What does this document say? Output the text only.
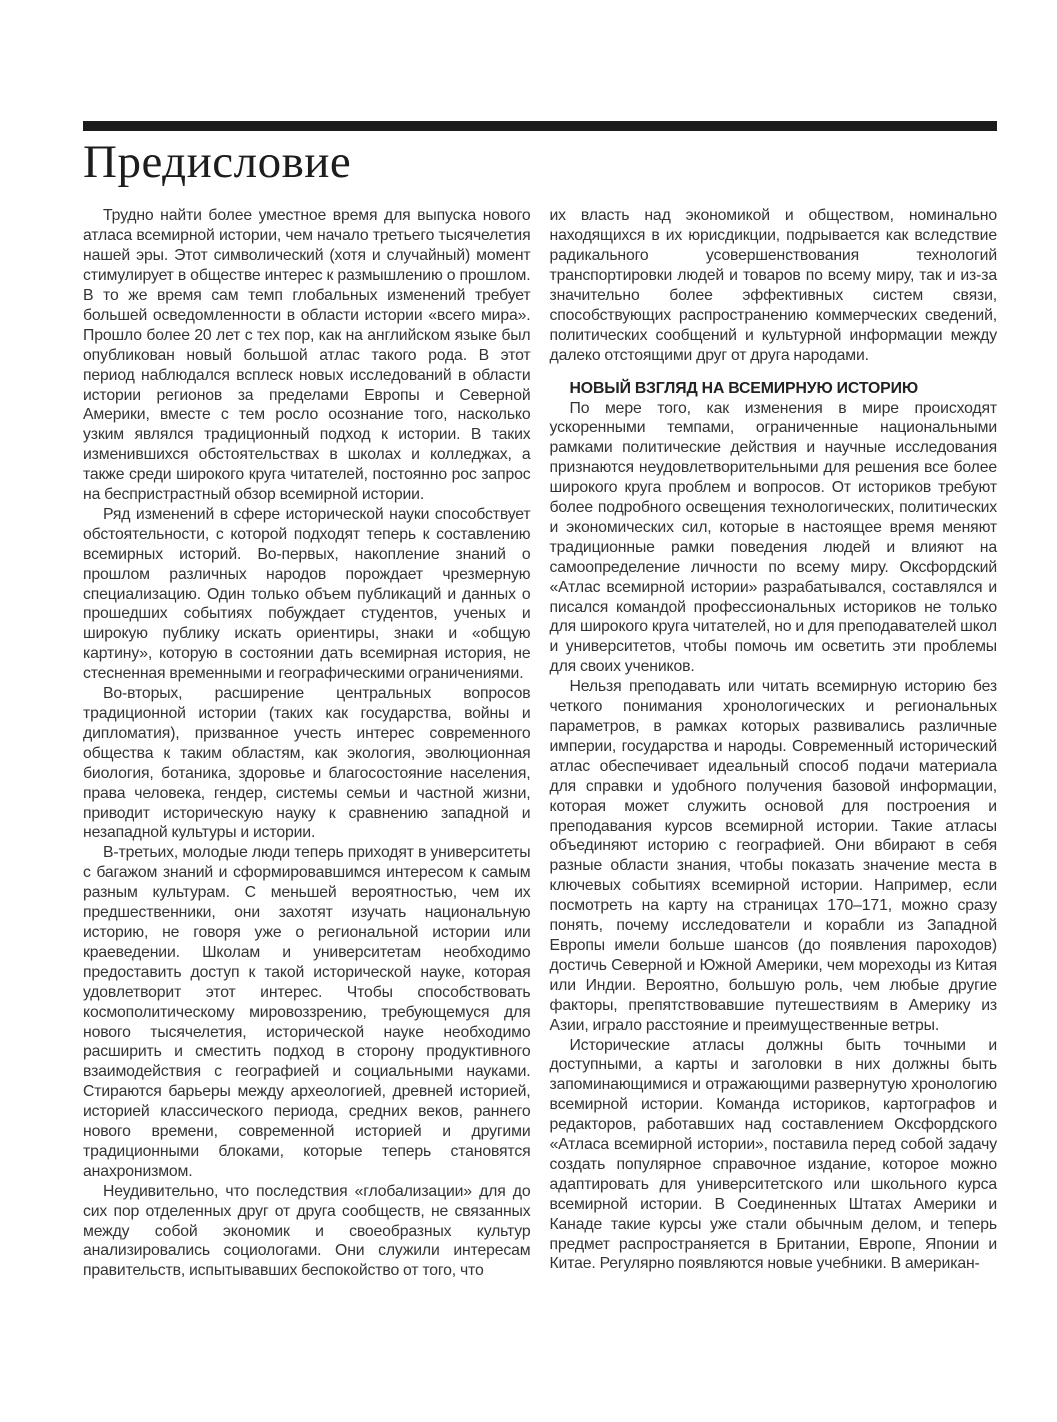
Предисловие

Трудно найти более уместное время для выпуска нового атласа всемирной истории, чем начало третьего тысячелетия нашей эры. Этот символический (хотя и случайный) момент стимулирует в обществе интерес к размышлению о прошлом. В то же время сам темп глобальных изменений требует большей осведомленности в области истории «всего мира». Прошло более 20 лет с тех пор, как на английском языке был опубликован новый большой атлас такого рода. В этот период наблюдался всплеск новых исследований в области истории регионов за пределами Европы и Северной Америки, вместе с тем росло осознание того, насколько узким являлся традиционный подход к истории. В таких изменившихся обстоятельствах в школах и колледжах, а также среди широкого круга читателей, постоянно рос запрос на беспристрастный обзор всемирной истории.

Ряд изменений в сфере исторической науки способствует обстоятельности, с которой подходят теперь к составлению всемирных историй. Во-первых, накопление знаний о прошлом различных народов порождает чрезмерную специализацию. Один только объем публикаций и данных о прошедших событиях побуждает студентов, ученых и широкую публику искать ориентиры, знаки и «общую картину», которую в состоянии дать всемирная история, не стесненная временными и географическими ограничениями.

Во-вторых, расширение центральных вопросов традиционной истории (таких как государства, войны и дипломатия), призванное учесть интерес современного общества к таким областям, как экология, эволюционная биология, ботаника, здоровье и благосостояние населения, права человека, гендер, системы семьи и частной жизни, приводит историческую науку к сравнению западной и незападной культуры и истории.

В-третьих, молодые люди теперь приходят в университеты с багажом знаний и сформировавшимся интересом к самым разным культурам. С меньшей вероятностью, чем их предшественники, они захотят изучать национальную историю, не говоря уже о региональной истории или краеведении. Школам и университетам необходимо предоставить доступ к такой исторической науке, которая удовлетворит этот интерес. Чтобы способствовать космополитическому мировоззрению, требующемуся для нового тысячелетия, исторической науке необходимо расширить и сместить подход в сторону продуктивного взаимодействия с географией и социальными науками. Стираются барьеры между археологией, древней историей, историей классического периода, средних веков, раннего нового времени, современной историей и другими традиционными блоками, которые теперь становятся анахронизмом.

Неудивительно, что последствия «глобализации» для до сих пор отделенных друг от друга сообществ, не связанных между собой экономик и своеобразных культур анализировались социологами. Они служили интересам правительств, испытывавших беспокойство от того, что

их власть над экономикой и обществом, номинально находящихся в их юрисдикции, подрывается как вследствие радикального усовершенствования технологий транспортировки людей и товаров по всему миру, так и из-за значительно более эффективных систем связи, способствующих распространению коммерческих сведений, политических сообщений и культурной информации между далеко отстоящими друг от друга народами.

НОВЫЙ ВЗГЛЯД НА ВСЕМИРНУЮ ИСТОРИЮ

По мере того, как изменения в мире происходят ускоренными темпами, ограниченные национальными рамками политические действия и научные исследования признаются неудовлетворительными для решения все более широкого круга проблем и вопросов. От историков требуют более подробного освещения технологических, политических и экономических сил, которые в настоящее время меняют традиционные рамки поведения людей и влияют на самоопределение личности по всему миру. Оксфордский «Атлас всемирной истории» разрабатывался, составлялся и писался командой профессиональных историков не только для широкого круга читателей, но и для преподавателей школ и университетов, чтобы помочь им осветить эти проблемы для своих учеников.

Нельзя преподавать или читать всемирную историю без четкого понимания хронологических и региональных параметров, в рамках которых развивались различные империи, государства и народы. Современный исторический атлас обеспечивает идеальный способ подачи материала для справки и удобного получения базовой информации, которая может служить основой для построения и преподавания курсов всемирной истории. Такие атласы объединяют историю с географией. Они вбирают в себя разные области знания, чтобы показать значение места в ключевых событиях всемирной истории. Например, если посмотреть на карту на страницах 170–171, можно сразу понять, почему исследователи и корабли из Западной Европы имели больше шансов (до появления пароходов) достичь Северной и Южной Америки, чем мореходы из Китая или Индии. Вероятно, большую роль, чем любые другие факторы, препятствовавшие путешествиям в Америку из Азии, играло расстояние и преимущественные ветры.

Исторические атласы должны быть точными и доступными, а карты и заголовки в них должны быть запоминающимися и отражающими развернутую хронологию всемирной истории. Команда историков, картографов и редакторов, работавших над составлением Оксфордского «Атласа всемирной истории», поставила перед собой задачу создать популярное справочное издание, которое можно адаптировать для университетского или школьного курса всемирной истории. В Соединенных Штатах Америки и Канаде такие курсы уже стали обычным делом, и теперь предмет распространяется в Британии, Европе, Японии и Китае. Регулярно появляются новые учебники. В американ-
